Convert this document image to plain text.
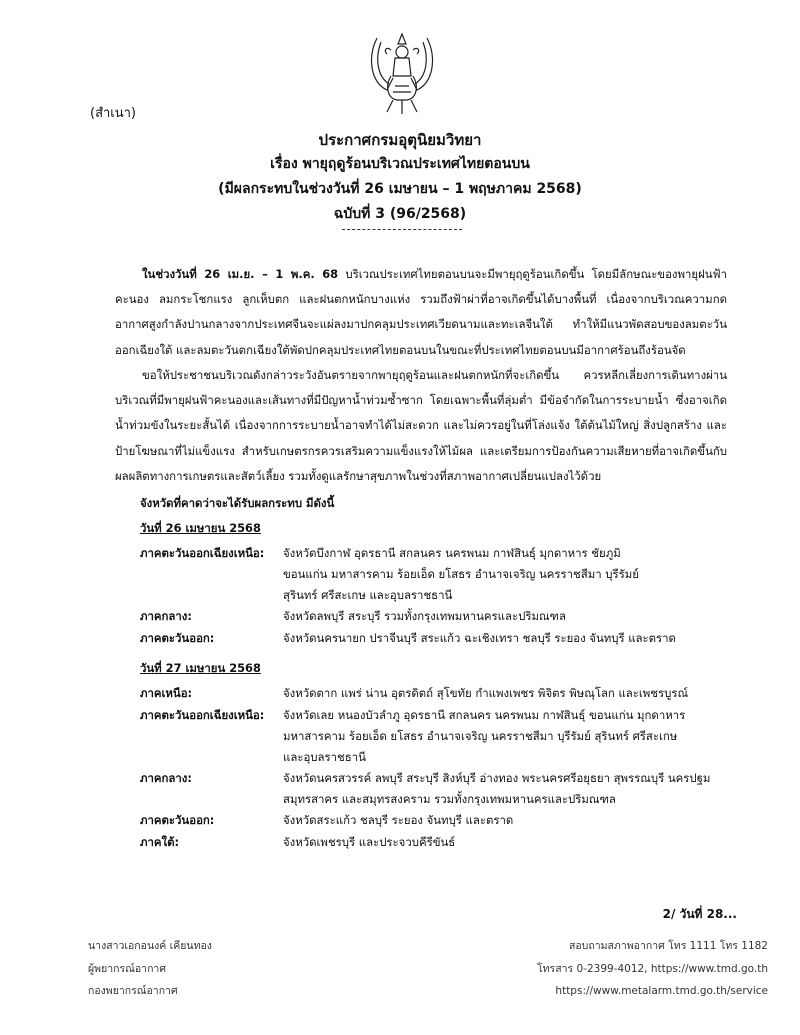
(สำเนา)
ประกาศกรมอุตุนิยมวิทยา
เรื่อง พายุฤดูร้อนบริเวณประเทศไทยตอนบน
(มีผลกระทบในช่วงวันที่ 26 เมษายน – 1 พฤษภาคม 2568)
ฉบับที่ 3 (96/2568)
ในช่วงวันที่ 26 เม.ย. – 1 พ.ค. 68 บริเวณประเทศไทยตอนบนจะมีพายุฤดูร้อนเกิดขึ้น โดยมีลักษณะของพายุฝนฟ้าคะนอง ลมกระโชกแรง ลูกเห็บตก และฝนตกหนักบางแห่ง รวมถึงฟ้าผ่าที่อาจเกิดขึ้นได้บางพื้นที่ เนื่องจากบริเวณความกดอากาศสูงกำลังปานกลางจากประเทศจีนจะแผ่ลงมาปกคลุมประเทศเวียดนามและทะเลจีนใต้ ทำให้มีแนวพัดสอบของลมตะวันออกเฉียงใต้ และลมตะวันตกเฉียงใต้พัดปกคลุมประเทศไทยตอนบนในขณะที่ประเทศไทยตอนบนมีอากาศร้อนถึงร้อนจัด
ขอให้ประชาชนบริเวณดังกล่าวระวังอันตรายจากพายุฤดูร้อนและฝนตกหนักที่จะเกิดขึ้น ควรหลีกเลี่ยงการเดินทางผ่านบริเวณที่มีพายุฝนฟ้าคะนองและเส้นทางที่มีปัญหาน้ำท่วมซ้ำซาก โดยเฉพาะพื้นที่ลุ่มต่ำ มีข้อจำกัดในการระบายน้ำ ซึ่งอาจเกิดน้ำท่วมขังในระยะสั้นได้ เนื่องจากการระบายน้ำอาจทำได้ไม่สะดวก และไม่ควรอยู่ในที่โล่งแจ้ง ใต้ต้นไม้ใหญ่ สิ่งปลูกสร้าง และป้ายโฆษณาที่ไม่แข็งแรง สำหรับเกษตรกรควรเสริมความแข็งแรงให้ไม้ผล และเตรียมการป้องกันความเสียหายที่อาจเกิดขึ้นกับผลผลิตทางการเกษตรและสัตว์เลี้ยง รวมทั้งดูแลรักษาสุขภาพในช่วงที่สภาพอากาศเปลี่ยนแปลงไว้ด้วย
จังหวัดที่คาดว่าจะได้รับผลกระทบ มีดังนี้
วันที่ 26 เมษายน 2568
ภาคตะวันออกเฉียงเหนือ:	จังหวัดบึงกาฬ อุดรธานี สกลนคร นครพนม กาฬสินธุ์ มุกดาหาร ชัยภูมิ
ขอนแก่น มหาสารคาม ร้อยเอ็ด ยโสธร อำนาจเจริญ นครราชสีมา บุรีรัมย์
สุรินทร์ ศรีสะเกษ และอุบลราชธานี
ภาคกลาง:	จังหวัดลพบุรี สระบุรี รวมทั้งกรุงเทพมหานครและปริมณฑล
ภาคตะวันออก:	จังหวัดนครนายก ปราจีนบุรี สระแก้ว ฉะเชิงเทรา ชลบุรี ระยอง จันทบุรี และตราด
วันที่ 27 เมษายน 2568
ภาคเหนือ:	จังหวัดตาก แพร่ น่าน อุตรดิตถ์ สุโขทัย กำแพงเพชร พิจิตร พิษณุโลก และเพชรบูรณ์
ภาคตะวันออกเฉียงเหนือ:	จังหวัดเลย หนองบัวลำภู อุดรธานี สกลนคร นครพนม กาฬสินธุ์ ขอนแก่น มุกดาหาร
มหาสารคาม ร้อยเอ็ด ยโสธร อำนาจเจริญ นครราชสีมา บุรีรัมย์ สุรินทร์ ศรีสะเกษ
และอุบลราชธานี
ภาคกลาง:	จังหวัดนครสวรรค์ ลพบุรี สระบุรี สิงห์บุรี อ่างทอง พระนครศรีอยุธยา สุพรรณบุรี นครปฐม
สมุทรสาคร และสมุทรสงคราม รวมทั้งกรุงเทพมหานครและปริมณฑล
ภาคตะวันออก:	จังหวัดสระแก้ว ชลบุรี ระยอง จันทบุรี และตราด
ภาคใต้:	จังหวัดเพชรบุรี และประจวบคีรีขันธ์
2/ วันที่ 28...
นางสาวเอกอนงค์ เคียนทอง
ผู้พยากรณ์อากาศ
กองพยากรณ์อากาศ
สอบถามสภาพอากาศ โทร 1111 โทร 1182
โทรสาร 0-2399-4012, https://www.tmd.go.th
https://www.metalarm.tmd.go.th/service
